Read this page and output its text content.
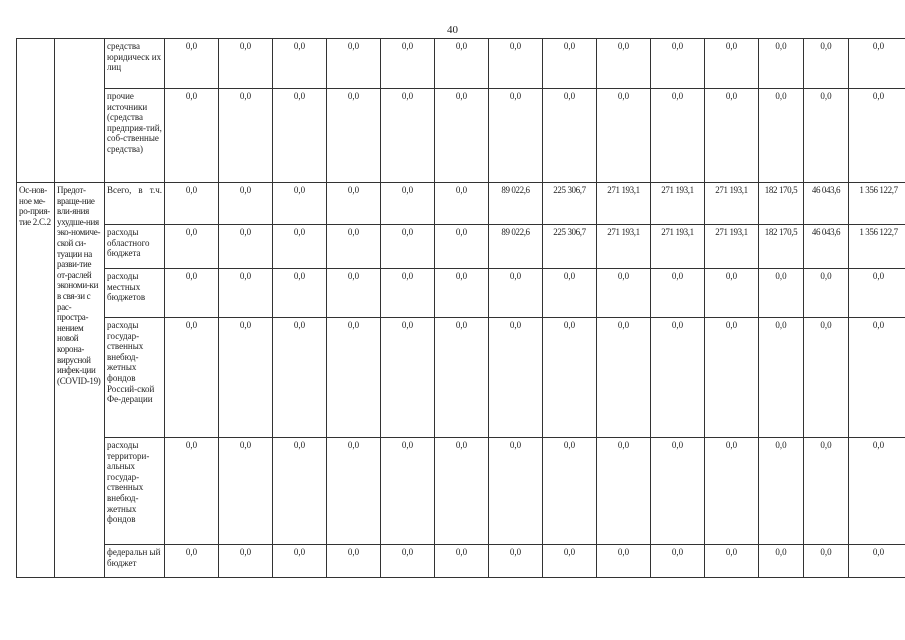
40
		средства юридическ их лиц	0,0	0,0	0,0	0,0	0,0	0,0	0,0	0,0	0,0	0,0	0,0	0,0	0,0	0,0
		прочие источники (средства предприя-тий, соб-ственные средства)	0,0	0,0	0,0	0,0	0,0	0,0	0,0	0,0	0,0	0,0	0,0	0,0	0,0	0,0
Ос-нов-ное ме-ро-прия-тие 2.С.2	Предот-враще-ние вли-яния ухудше-ния эко-номиче-ской си-туации на разви-тие от-раслей экономи-ки в свя-зи с рас-простра-нением новой корона-вирусной инфек-ции (COVID-19)	Всего, в т.ч.	0,0	0,0	0,0	0,0	0,0	0,0	89 022,6	225 306,7	271 193,1	271 193,1	271 193,1	182 170,5	46 043,6	1 356 122,7
		расходы областного бюджета	0,0	0,0	0,0	0,0	0,0	0,0	89 022,6	225 306,7	271 193,1	271 193,1	271 193,1	182 170,5	46 043,6	1 356 122,7
		расходы местных бюджетов	0,0	0,0	0,0	0,0	0,0	0,0	0,0	0,0	0,0	0,0	0,0	0,0	0,0	0,0
		расходы государ-ственных внебюд-жетных фондов Россий-ской Фе-дерации	0,0	0,0	0,0	0,0	0,0	0,0	0,0	0,0	0,0	0,0	0,0	0,0	0,0	0,0
		расходы территори-альных государ-ственных внебюд-жетных фондов	0,0	0,0	0,0	0,0	0,0	0,0	0,0	0,0	0,0	0,0	0,0	0,0	0,0	0,0
		федеральн ый бюджет	0,0	0,0	0,0	0,0	0,0	0,0	0,0	0,0	0,0	0,0	0,0	0,0	0,0	0,0
